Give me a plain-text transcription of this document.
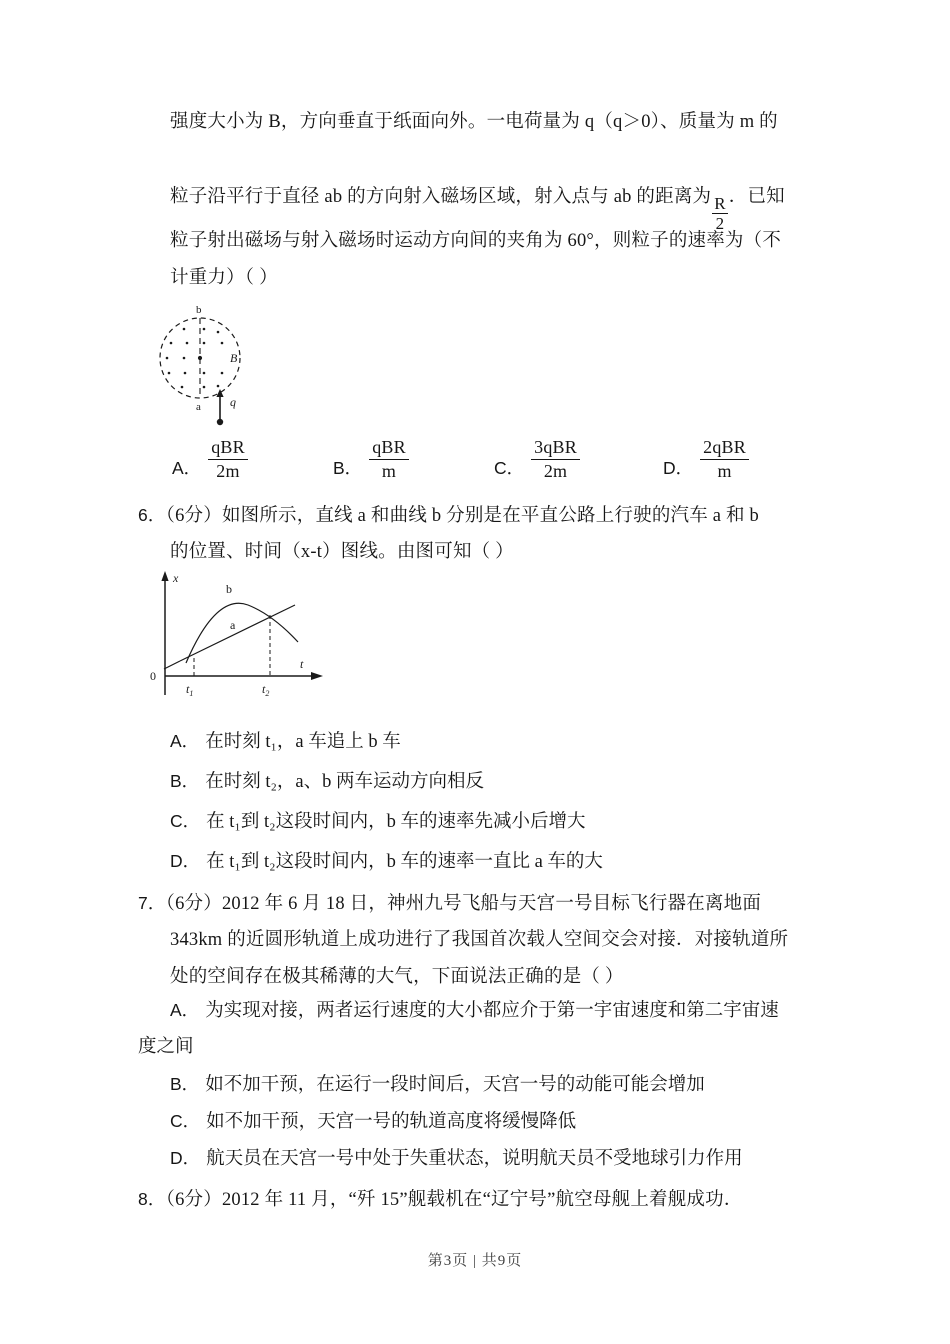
强度大小为 B，方向垂直于纸面向外。一电荷量为 q（q＞0）、质量为 m 的
粒子沿平行于直径 ab 的方向射入磁场区域，射入点与 ab 的距离为 $\frac{R}{2}$ ．已知
粒子射出磁场与射入磁场时运动方向间的夹角为 60°，则粒子的速率为（不
计重力）（ ）
b
a
B
q
A． $\frac{\text{qBR}}{2m}$	B． $\frac{\text{qBR}}{m}$	C． $\frac{\text{3qBR}}{2m}$	D． $\frac{\text{2qBR}}{m}$
6．（6分）如图所示，直线 a 和曲线 b 分别是在平直公路上行驶的汽车 a 和 b
的位置、时间（x‑t）图线。由图可知（ ）
x
t
0
b
a
$t_1$	$t_2$
A． 在时刻 t₁，a 车追上 b 车
B． 在时刻 t₂，a、b 两车运动方向相反
C． 在 t₁到 t₂这段时间内，b 车的速率先减小后增大
D． 在 t₁到 t₂这段时间内，b 车的速率一直比 a 车的大
7．（6分）2012 年 6 月 18 日，神州九号飞船与天宫一号目标飞行器在离地面
343km 的近圆形轨道上成功进行了我国首次载人空间交会对接．对接轨道所
处的空间存在极其稀薄的大气，下面说法正确的是（ ）
A． 为实现对接，两者运行速度的大小都应介于第一宇宙速度和第二宇宙速
度之间
B． 如不加干预，在运行一段时间后，天宫一号的动能可能会增加
C． 如不加干预，天宫一号的轨道高度将缓慢降低
D． 航天员在天宫一号中处于失重状态，说明航天员不受地球引力作用
8．（6分）2012 年 11 月，“歼 15”舰载机在“辽宁号”航空母舰上着舰成功．
第3页 | 共9页
